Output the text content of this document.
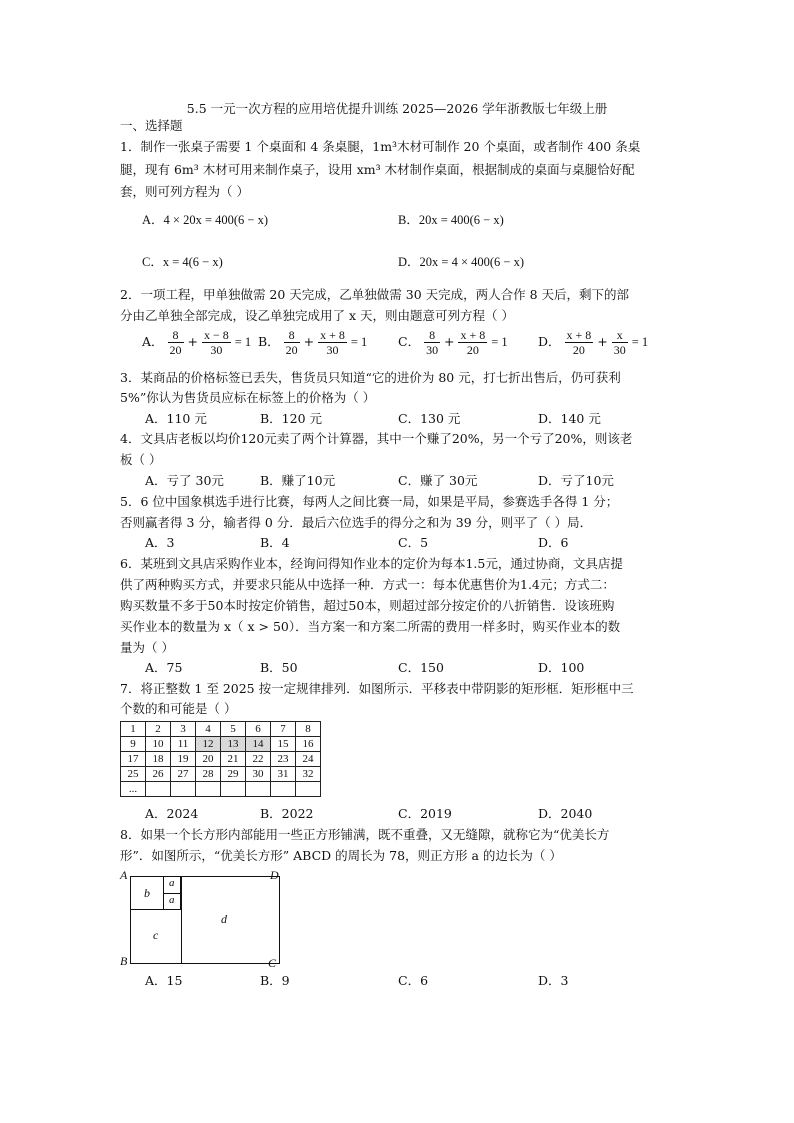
5.5 一元一次方程的应用培优提升训练 2025—2026 学年浙教版七年级上册
一、选择题
1．制作一张桌子需要 1 个桌面和 4 条桌腿，1m³木材可制作 20 个桌面，或者制作 400 条桌
腿，现有 6m³ 木材可用来制作桌子，设用 xm³ 木材制作桌面，根据制成的桌面与桌腿恰好配
套，则可列方程为（ ）
A．4 × 20x = 400(6 − x)	B．20x = 400(6 − x)
C．x = 4(6 − x)	D．20x = 4 × 400(6 − x)
2．一项工程，甲单独做需 20 天完成，乙单独做需 30 天完成，两人合作 8 天后，剩下的部
分由乙单独全部完成，设乙单独完成用了 x 天，则由题意可列方程（ ）
A． $\frac{8}{20} + \frac{x - 8}{30} = 1$ B． $\frac{8}{20} + \frac{x + 8}{30} = 1$ C． $\frac{8}{30} + \frac{x + 8}{20} = 1$ D． $\frac{x + 8}{20} + \frac{x}{30} = 1$
3．某商品的价格标签已丢失，售货员只知道“它的进价为 80 元，打七折出售后，仍可获利
5%”你认为售货员应标在标签上的价格为（ ）
A．110 元	B．120 元	C．130 元	D．140 元
4．文具店老板以均价120元卖了两个计算器，其中一个赚了20%，另一个亏了20%，则该老
板（ ）
A．亏了 30元	B．赚了10元	C．赚了 30元	D．亏了10元
5．6 位中国象棋选手进行比赛，每两人之间比赛一局，如果是平局，参赛选手各得 1 分；
否则赢者得 3 分，输者得 0 分．最后六位选手的得分之和为 39 分，则平了（ ）局．
A．3	B．4	C．5	D．6
6．某班到文具店采购作业本，经询问得知作业本的定价为每本1.5元，通过协商，文具店提
供了两种购买方式，并要求只能从中选择一种．方式一：每本优惠售价为1.4元；方式二：
购买数量不多于50本时按定价销售，超过50本，则超过部分按定价的八折销售．设该班购
买作业本的数量为 x（ x > 50）．当方案一和方案二所需的费用一样多时，购买作业本的数
量为（ ）
A．75	B．50	C．150	D．100
7．将正整数 1 至 2025 按一定规律排列．如图所示．平移表中带阴影的矩形框．矩形框中三
个数的和可能是（ ）
1	2	3	4	5	6	7	8
9	10	11	12	13	14	15	16
17	18	19	20	21	22	23	24
25	26	27	28	29	30	31	32
...							
A．2024	B．2022	C．2019	D．2040
8．如果一个长方形内部能用一些正方形铺满，既不重叠，又无缝隙，就称它为“优美长方
形”．如图所示，“优美长方形” ABCD 的周长为 78，则正方形 a 的边长为（ ）
A	D
B	C
b
a
a
c
d
A．15	B．9	C．6	D．3
